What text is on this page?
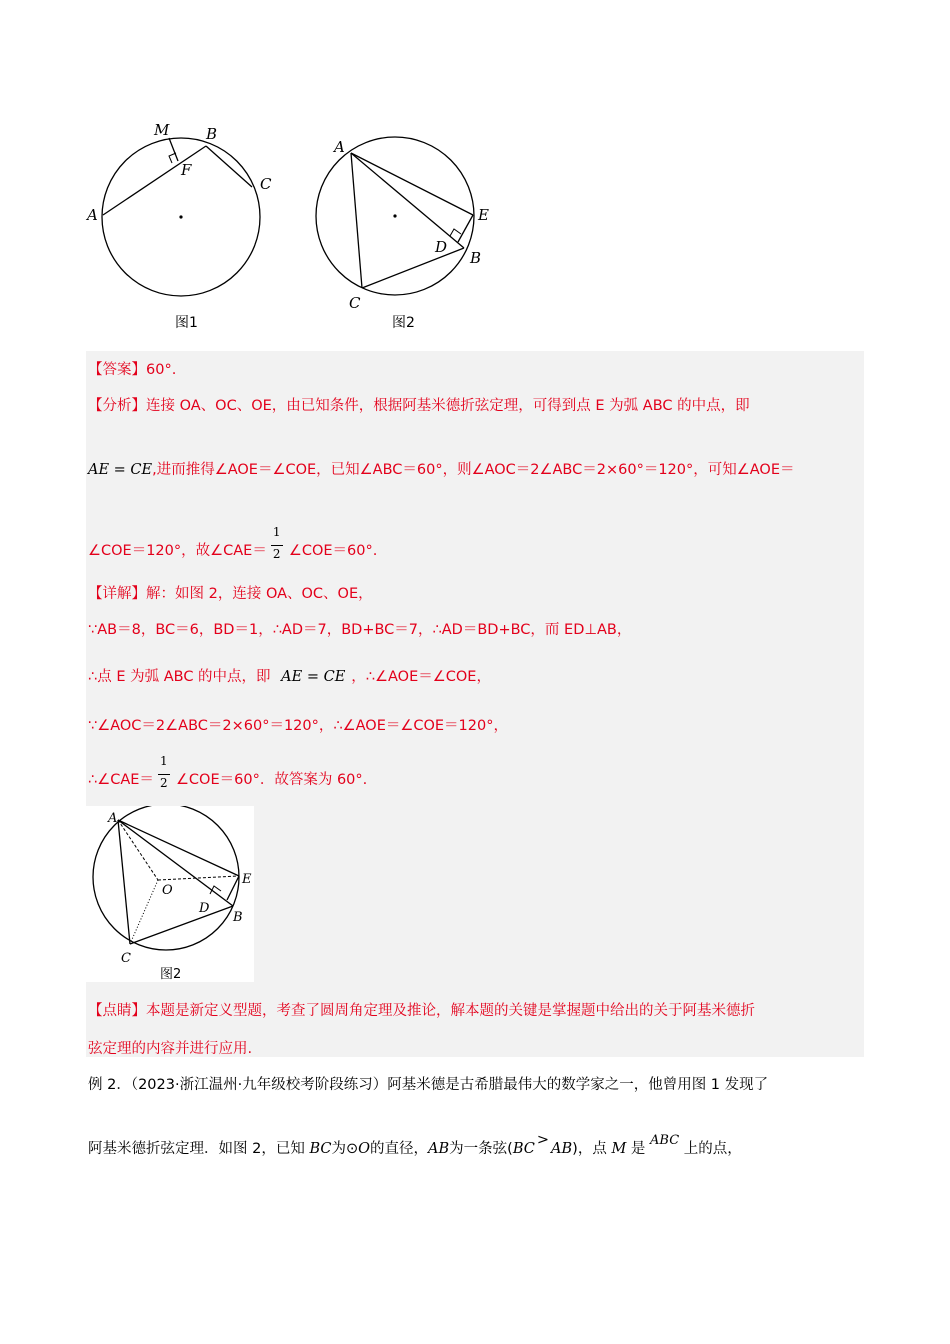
M B
F
C
A
图1
A
E
D
B
C
图2
【答案】60°.
【分析】连接 OA、OC、OE，由已知条件，根据阿基米德折弦定理，可得到点 E 为弧 ABC 的中点，即
AE = CE,进而推得∠AOE＝∠COE，已知∠ABC＝60°，则∠AOC＝2∠ABC＝2×60°＝120°，可知∠AOE＝
∠COE＝120°，故∠CAE＝ $\frac{1}{2}$ ∠COE＝60°.
【详解】解：如图 2，连接 OA、OC、OE，
∵AB＝8，BC＝6，BD＝1，∴AD＝7，BD+BC＝7，∴AD＝BD+BC，而 ED⊥AB，
∴点 E 为弧 ABC 的中点，即 AE = CE ，∴∠AOE＝∠COE，
∵∠AOC＝2∠ABC＝2×60°＝120°，∴∠AOE＝∠COE＝120°，
∴∠CAE＝ $\frac{1}{2}$ ∠COE＝60°．故答案为 60°.
A
E
O
D
B
C
图2
【点睛】本题是新定义型题，考查了圆周角定理及推论，解本题的关键是掌握题中给出的关于阿基米德折
弦定理的内容并进行应用.
例 2．（2023·浙江温州·九年级校考阶段练习）阿基米德是古希腊最伟大的数学家之一，他曾用图 1 发现了
阿基米德折弦定理．如图 2，已知 BC为⊙O的直径，AB为一条弦(BC>AB)，点 M 是 ABC 上的点，
